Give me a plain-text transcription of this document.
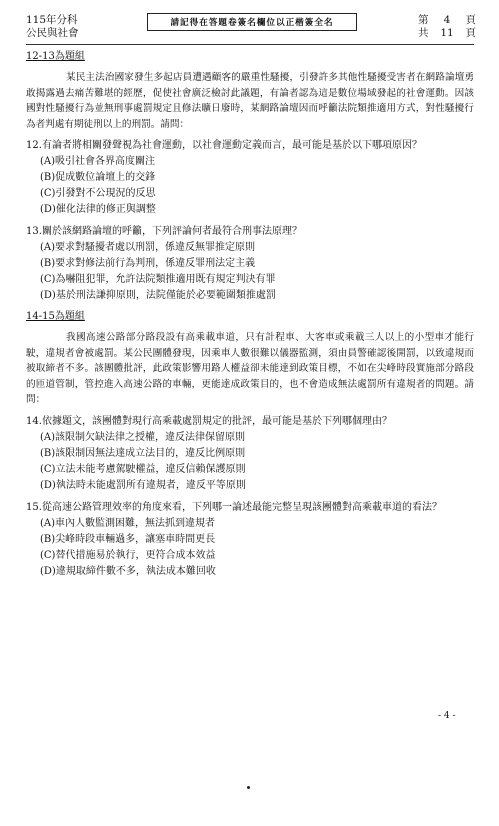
115年分科
公民與社會
請記得在答題卷簽名欄位以正楷簽全名	第 4 頁
共 11 頁

12-13為題組

某民主法治國家發生多起店員遭遇顧客的嚴重性騷擾，引發許多其他性騷擾受害者在網路論壇勇敢揭露過去痛苦難堪的經歷，促使社會廣泛檢討此議題，有論者認為這是數位場域發起的社會運動。因該國對性騷擾行為並無刑事處罰規定且修法曠日廢時，某網路論壇因而呼籲法院類推適用方式，對性騷擾行為者判處有期徒刑以上的刑罰。請問：

12. 有論者將相關發聲視為社會運動，以社會運動定義而言，最可能是基於以下哪項原因？
(A)吸引社會各界高度關注
(B)促成數位論壇上的交鋒
(C)引發對不公現況的反思
(D)催化法律的修正與調整
13. 關於該網路論壇的呼籲，下列評論何者最符合刑事法原理？
(A)要求對騷擾者處以刑罰，係違反無罪推定原則
(B)要求對修法前行為判刑，係違反罪刑法定主義
(C)為嚇阻犯罪，允許法院類推適用既有規定判決有罪
(D)基於刑法謙抑原則，法院僅能於必要範圍類推處罰

14-15為題組

我國高速公路部分路段設有高乘載車道，只有計程車、大客車或乘載三人以上的小型車才能行駛，違規者會被處罰。某公民團體發現，因乘車人數很難以儀器監測，須由員警確認後開罰，以致違規而被取締者不多。該團體批評，此政策影響用路人權益卻未能達到政策目標，不如在尖峰時段實施部分路段的匝道管制，管控進入高速公路的車輛，更能達成政策目的，也不會造成無法處罰所有違規者的問題。請問：

14. 依據題文，該團體對現行高乘載處罰規定的批評，最可能是基於下列哪個理由？
(A)該限制欠缺法律之授權，違反法律保留原則
(B)該限制因無法達成立法目的，違反比例原則
(C)立法未能考慮駕駛權益，違反信賴保護原則
(D)執法時未能處罰所有違規者，違反平等原則
15. 從高速公路管理效率的角度來看，下列哪一論述最能完整呈現該團體對高乘載車道的看法？
(A)車內人數監測困難，無法抓到違規者
(B)尖峰時段車輛過多，讓塞車時間更長
(C)替代措施易於執行，更符合成本效益
(D)違規取締件數不多，執法成本難回收
- 4 -
